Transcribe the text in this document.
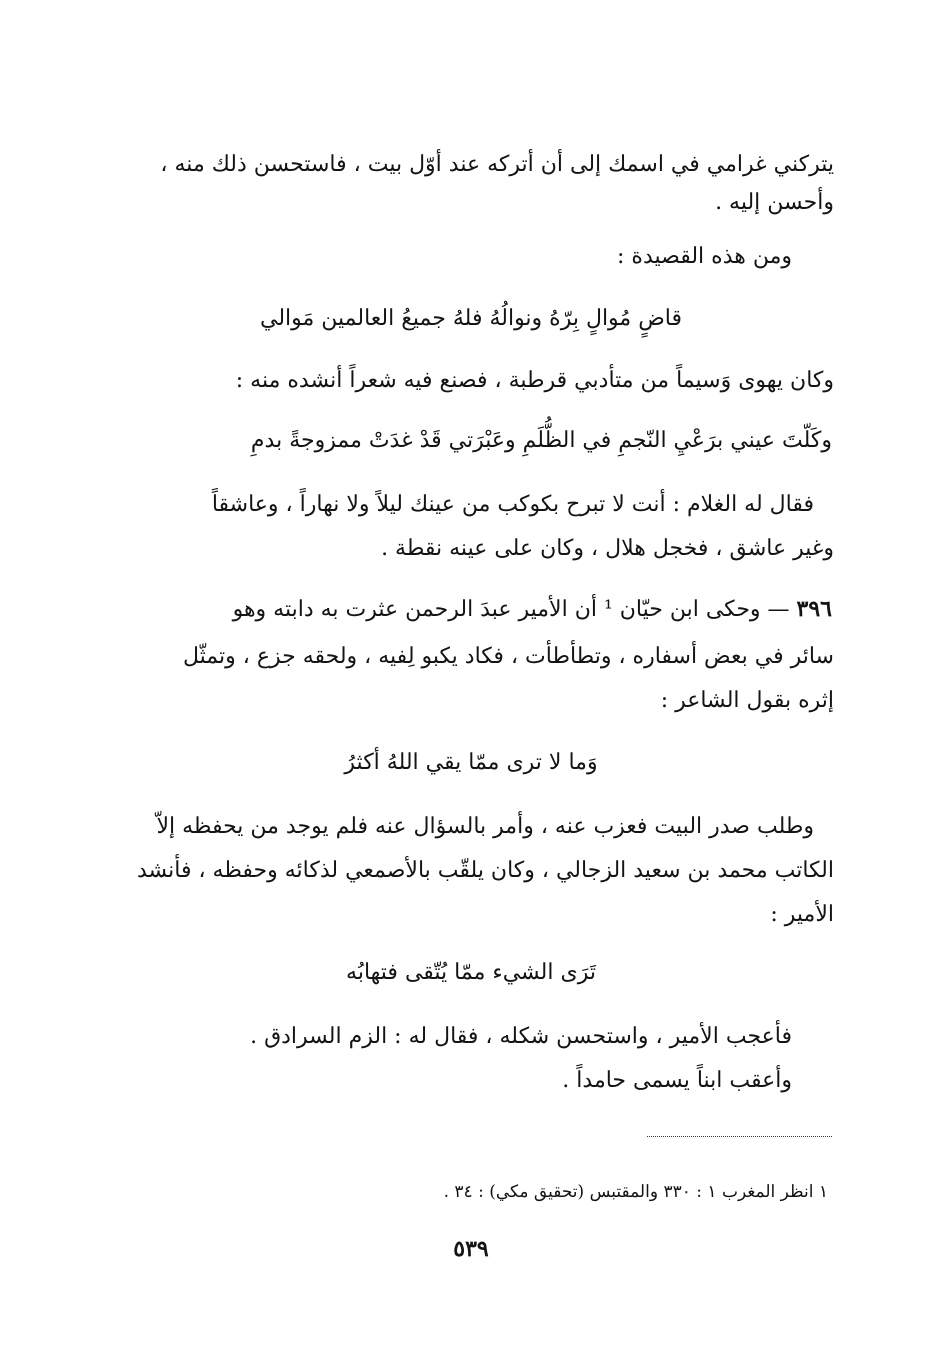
يتركني غرامي في اسمك إلى أن أتركه عند أوّل بيت ، فاستحسن ذلك منه ،
وأحسن إليه .
ومن هذه القصيدة :
قاضٍ مُوالٍ بِرّهُ ونوالُهُ فلهُ جميعُ العالمين مَوالي
وكان يهوى وَسيماً من متأدبي قرطبة ، فصنع فيه شعراً أنشده منه :
وكَلّتَ عيني برَعْيِ النّجمِ في الظُّلَمِ وعَبْرَتي قَدْ غدَتْ ممزوجةً بدمِ
فقال له الغلام : أنت لا تبرح بكوكب من عينك ليلاً ولا نهاراً ، وعاشقاً
وغير عاشق ، فخجل هلال ، وكان على عينه نقطة .
٣٩٦ — وحكى ابن حيّان ¹ أن الأمير عبدَ الرحمن عثرت به دابته وهو
سائر في بعض أسفاره ، وتطأطأت ، فكاد يكبو لِفيه ، ولحقه جزع ، وتمثّل
إثره بقول الشاعر :
وَما لا ترى ممّا يقي اللهُ أكثرُ
وطلب صدر البيت فعزب عنه ، وأمر بالسؤال عنه فلم يوجد من يحفظه إلاّ
الكاتب محمد بن سعيد الزجالي ، وكان يلقّب بالأصمعي لذكائه وحفظه ، فأنشد
الأمير :
تَرَى الشيء ممّا يُتّقى فتهابُه
فأعجب الأمير ، واستحسن شكله ، فقال له : الزم السرادق .
وأعقب ابناً يسمى حامداً .
١ انظر المغرب ١ : ٣٣٠ والمقتبس (تحقيق مكي) : ٣٤ .
٥٣٩
